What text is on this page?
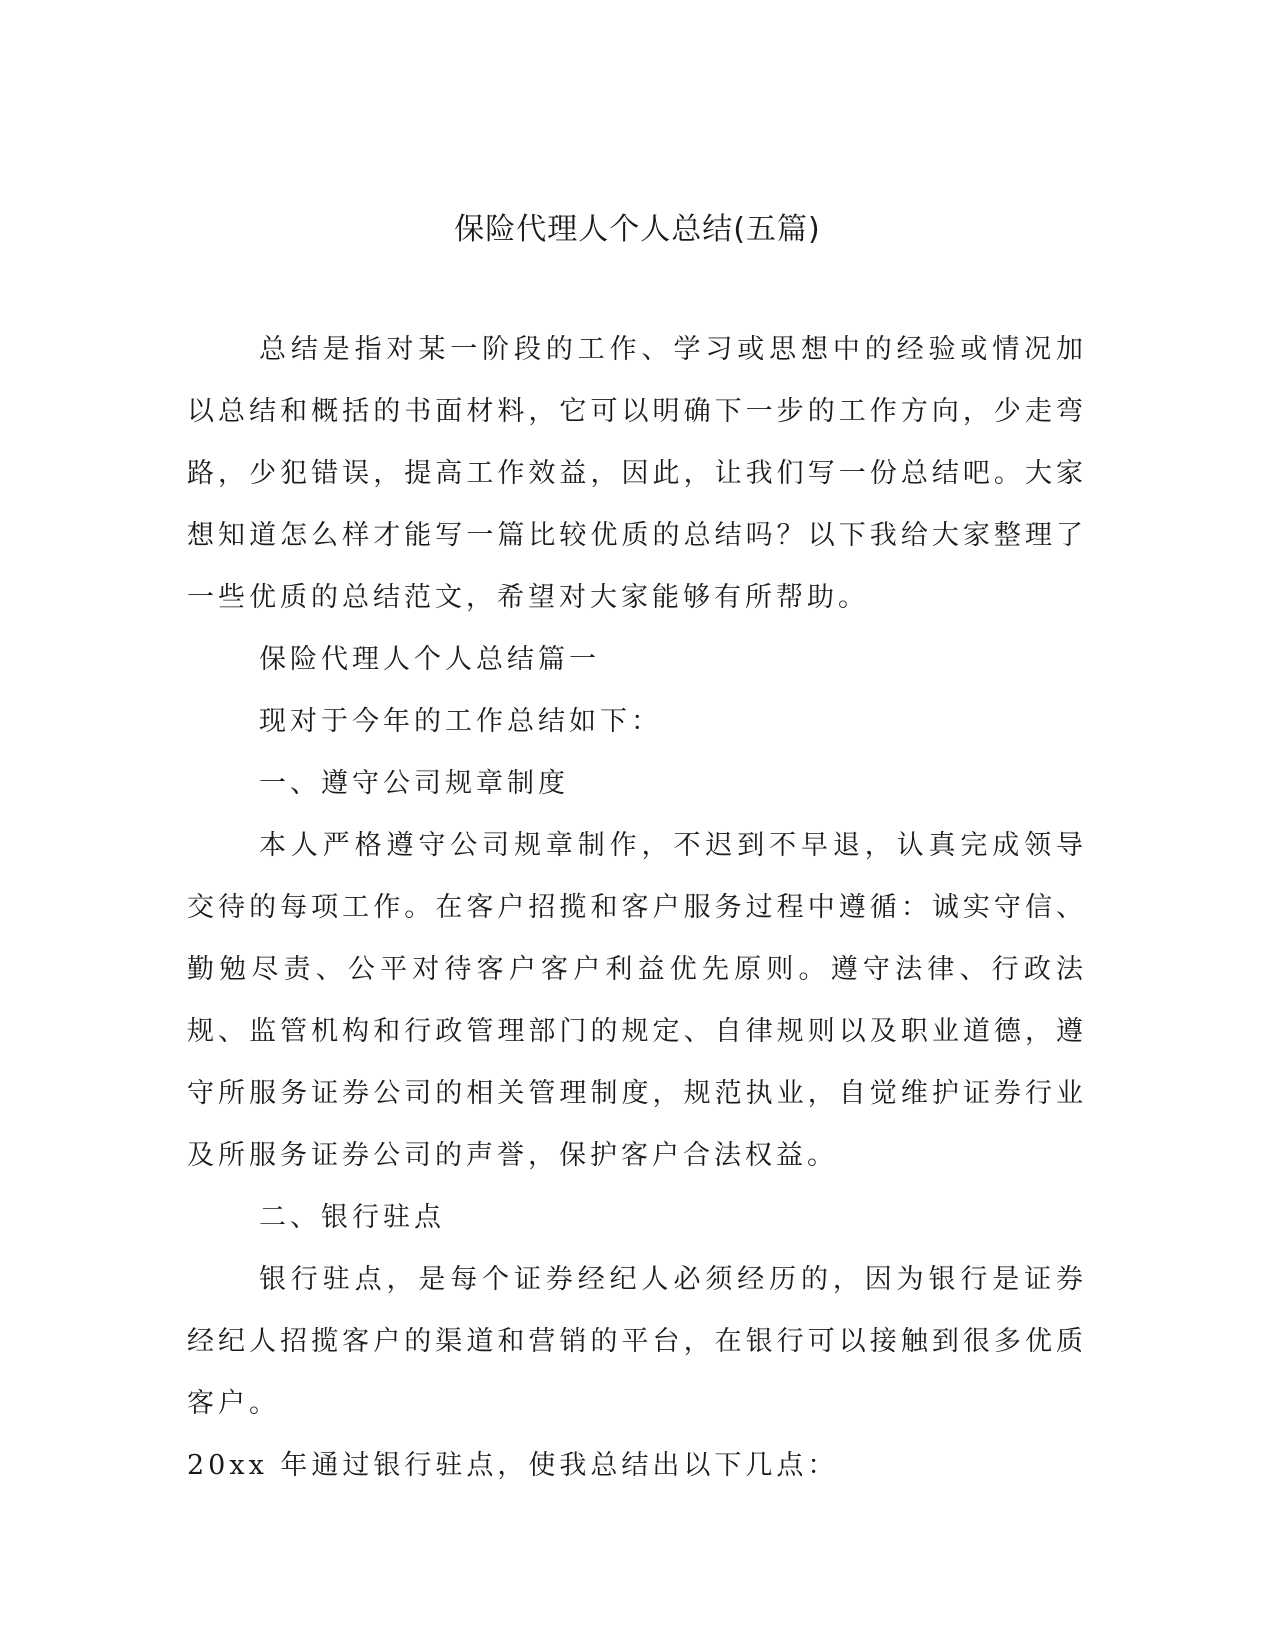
保险代理人个人总结(五篇)

总结是指对某一阶段的工作、学习或思想中的经验或情况加以总结和概括的书面材料，它可以明确下一步的工作方向，少走弯路，少犯错误，提高工作效益，因此，让我们写一份总结吧。大家想知道怎么样才能写一篇比较优质的总结吗？以下我给大家整理了一些优质的总结范文，希望对大家能够有所帮助。

保险代理人个人总结篇一

现对于今年的工作总结如下：

一、遵守公司规章制度

本人严格遵守公司规章制作，不迟到不早退，认真完成领导交待的每项工作。在客户招揽和客户服务过程中遵循：诚实守信、勤勉尽责、公平对待客户客户利益优先原则。遵守法律、行政法规、监管机构和行政管理部门的规定、自律规则以及职业道德，遵守所服务证券公司的相关管理制度，规范执业，自觉维护证券行业及所服务证券公司的声誉，保护客户合法权益。

二、银行驻点

银行驻点，是每个证券经纪人必须经历的，因为银行是证券经纪人招揽客户的渠道和营销的平台，在银行可以接触到很多优质客户。

20xx 年通过银行驻点，使我总结出以下几点：
